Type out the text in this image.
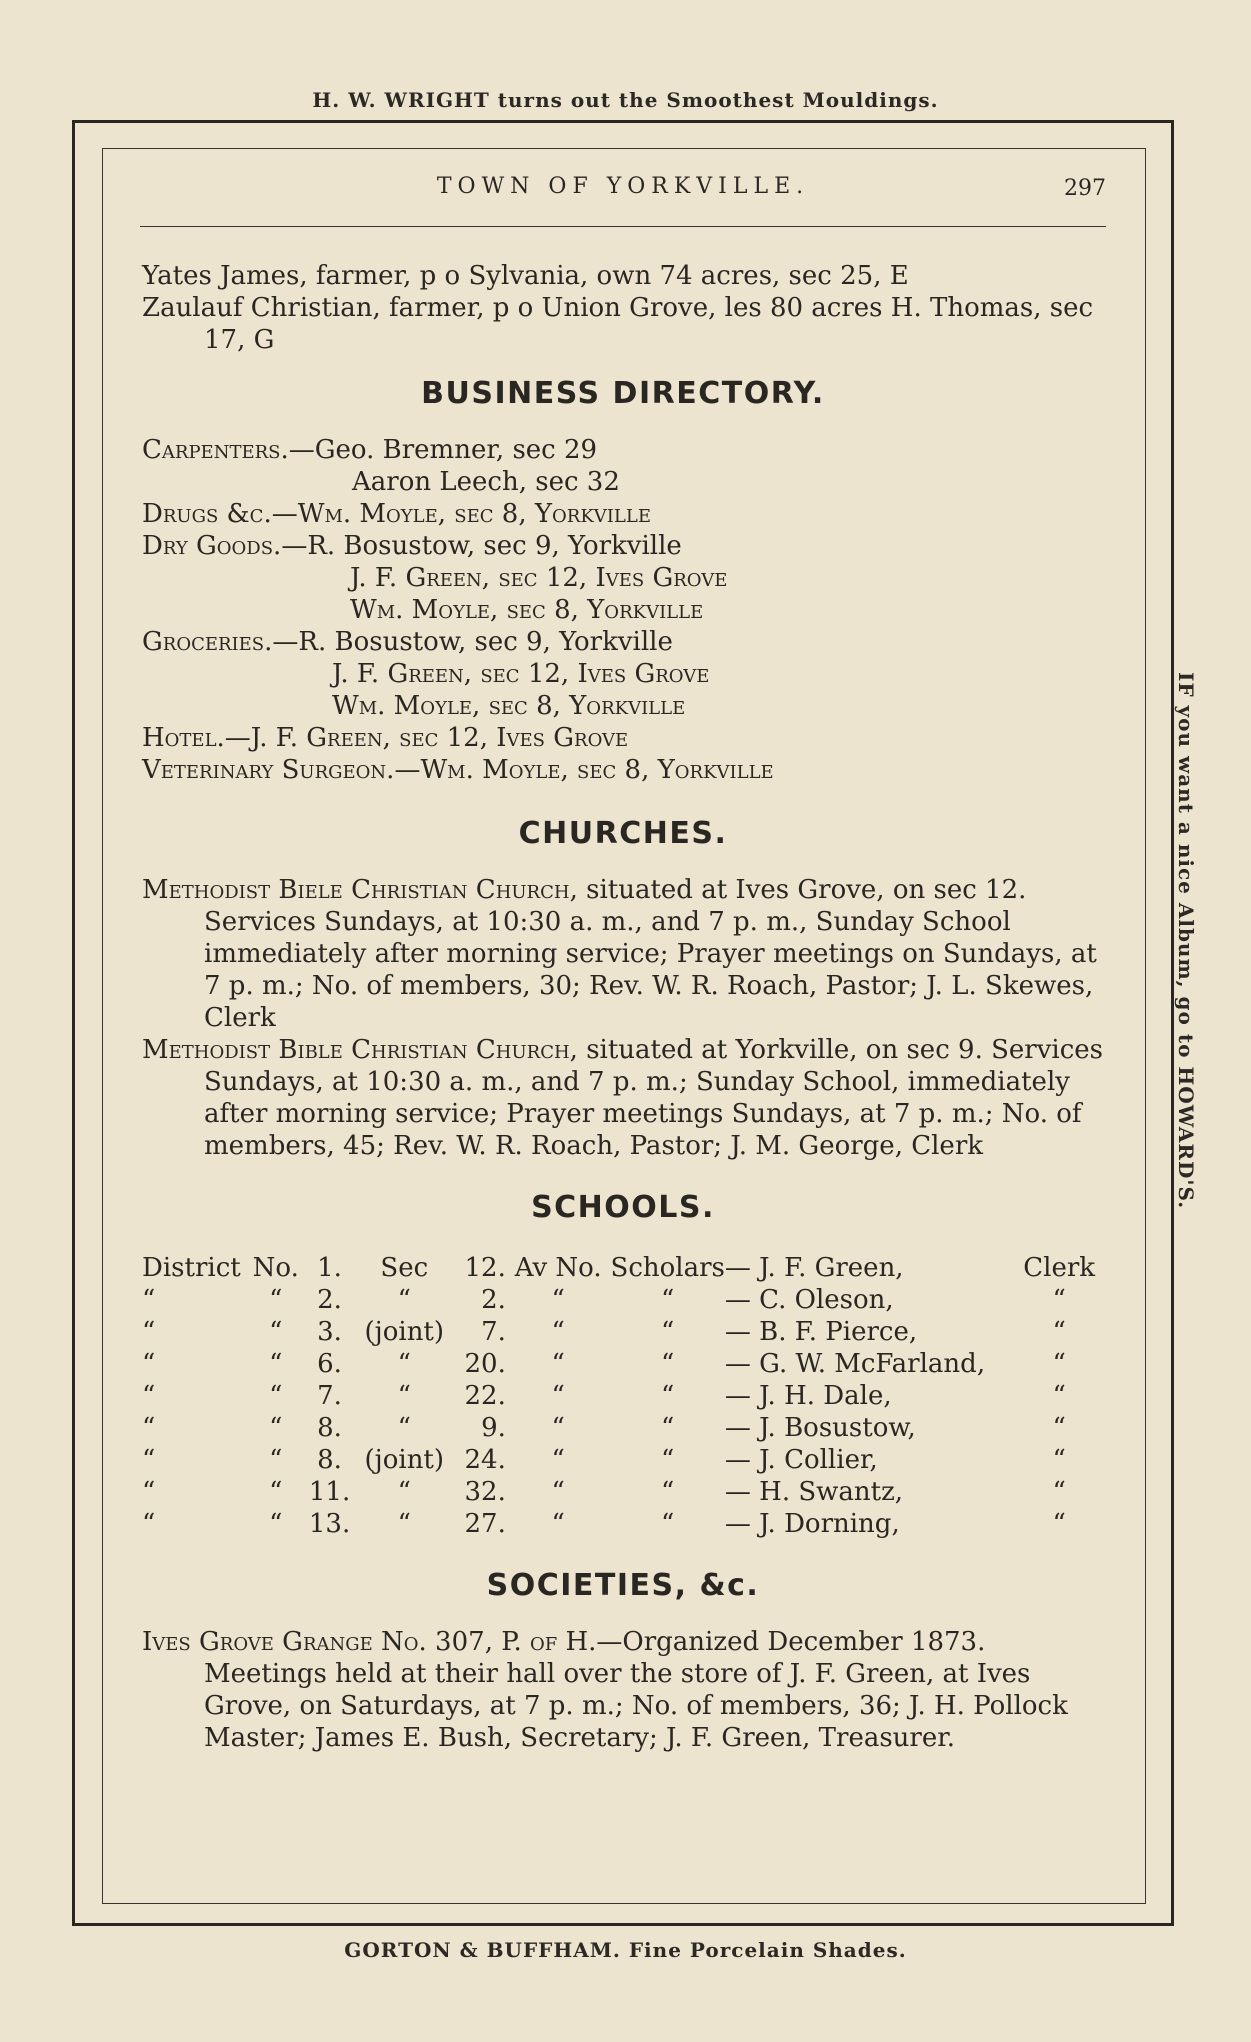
H. W. WRIGHT turns out the Smoothest Mouldings.
IF you want a nice Album, go to HOWARD'S.
TOWN OF YORKVILLE.	297

Yates James, farmer, p o Sylvania, own 74 acres, sec 25, E

Zaulauf Christian, farmer, p o Union Grove, les 80 acres H. Thomas, sec 17, G

BUSINESS DIRECTORY.

Carpenters.—Geo. Bremner, sec 29

Aaron Leech, sec 32

Drugs &c.—Wm. Moyle, sec 8, Yorkville

Dry Goods.—R. Bosustow, sec 9, Yorkville

J. F. Green, sec 12, Ives Grove

Wm. Moyle, sec 8, Yorkville

Groceries.—R. Bosustow, sec 9, Yorkville

J. F. Green, sec 12, Ives Grove

Wm. Moyle, sec 8, Yorkville

Hotel.—J. F. Green, sec 12, Ives Grove

Veterinary Surgeon.—Wm. Moyle, sec 8, Yorkville

CHURCHES.

Methodist Biele Christian Church, situated at Ives Grove, on sec 12. Services Sundays, at 10:30 a. m., and 7 p. m., Sunday School immediately after morning service; Prayer meetings on Sundays, at 7 p. m.; No. of members, 30; Rev. W. R. Roach, Pastor; J. L. Skewes, Clerk

Methodist Bible Christian Church, situated at Yorkville, on sec 9. Services Sundays, at 10:30 a. m., and 7 p. m.; Sunday School, immediately after morning service; Prayer meetings Sundays, at 7 p. m.; No. of members, 45; Rev. W. R. Roach, Pastor; J. M. George, Clerk

SCHOOLS.
District	No.	1.	Sec	12.	Av No.	Scholars	— J. F. Green,	Clerk
“	“	2.	“	2.	“	“	— C. Oleson,	“
“	“	3.	(joint)	7.	“	“	— B. F. Pierce,	“
“	“	6.	“	20.	“	“	— G. W. McFarland,	“
“	“	7.	“	22.	“	“	— J. H. Dale,	“
“	“	8.	“	9.	“	“	— J. Bosustow,	“
“	“	8.	(joint)	24.	“	“	— J. Collier,	“
“	“	11.	“	32.	“	“	— H. Swantz,	“
“	“	13.	“	27.	“	“	— J. Dorning,	“
SOCIETIES, &c.

Ives Grove Grange No. 307, P. of H.—Organized December 1873. Meetings held at their hall over the store of J. F. Green, at Ives Grove, on Saturdays, at 7 p. m.; No. of members, 36; J. H. Pollock Master; James E. Bush, Secretary; J. F. Green, Treasurer.

GORTON & BUFFHAM. Fine Porcelain Shades.
